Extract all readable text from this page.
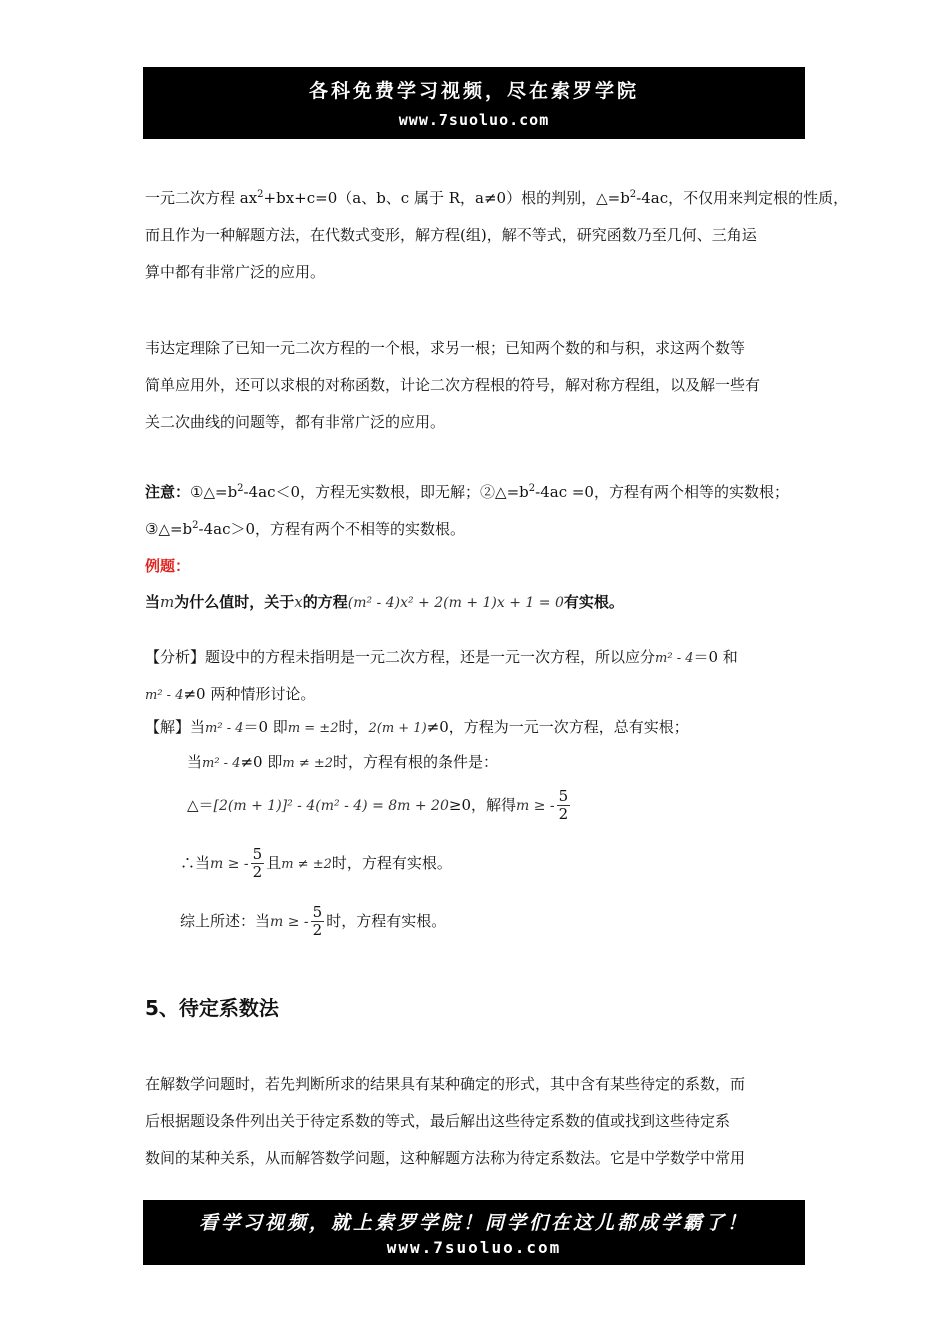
各科免费学习视频，尽在索罗学院
www.7suoluo.com
一元二次方程 $ax^2+bx+c=0(a$、b、c 属于 R，a≠0）根的判别，$\triangle=b^2-4ac$，不仅用来判定根的性质，
而且作为一种解题方法，在代数式变形，解方程(组)，解不等式，研究函数乃至几何、三角运
算中都有非常广泛的应用。
韦达定理除了已知一元二次方程的一个根，求另一根；已知两个数的和与积，求这两个数等
简单应用外，还可以求根的对称函数，计论二次方程根的符号，解对称方程组，以及解一些有
关二次曲线的问题等，都有非常广泛的应用。
注意：$①\triangle=b^2-4ac<0$，方程无实数根，即无解；$②\triangle=b^2-4ac =0$，方程有两个相等的实数根；
$③\triangle=b^2-4ac>0$，方程有两个不相等的实数根。
例题：
当m为什么值时，关于x的方程(m² - 4)x² + 2(m + 1)x + 1 = 0有实根。
【分析】题设中的方程未指明是一元二次方程，还是一元一次方程，所以应分m² - 4＝0 和
m² - 4≠0 两种情形讨论。
【解】当m² - 4＝0 即m = ±2时，2(m + 1)≠0，方程为一元一次方程，总有实根；
当m² - 4≠0 即m ≠ ±2时，方程有根的条件是：
△＝[2(m + 1)]² - 4(m² - 4) = 8m + 20≥0，解得m ≥ - $\frac{5}{2}$
∴当m ≥ - $\frac{5}{2}$ 且m ≠ ±2时，方程有实根。
综上所述：当m ≥ - $\frac{5}{2}$ 时，方程有实根。
5、待定系数法
在解数学问题时，若先判断所求的结果具有某种确定的形式，其中含有某些待定的系数，而
后根据题设条件列出关于待定系数的等式，最后解出这些待定系数的值或找到这些待定系
数间的某种关系，从而解答数学问题，这种解题方法称为待定系数法。它是中学数学中常用
看学习视频，就上索罗学院！同学们在这儿都成学霸了！
www.7suoluo.com
